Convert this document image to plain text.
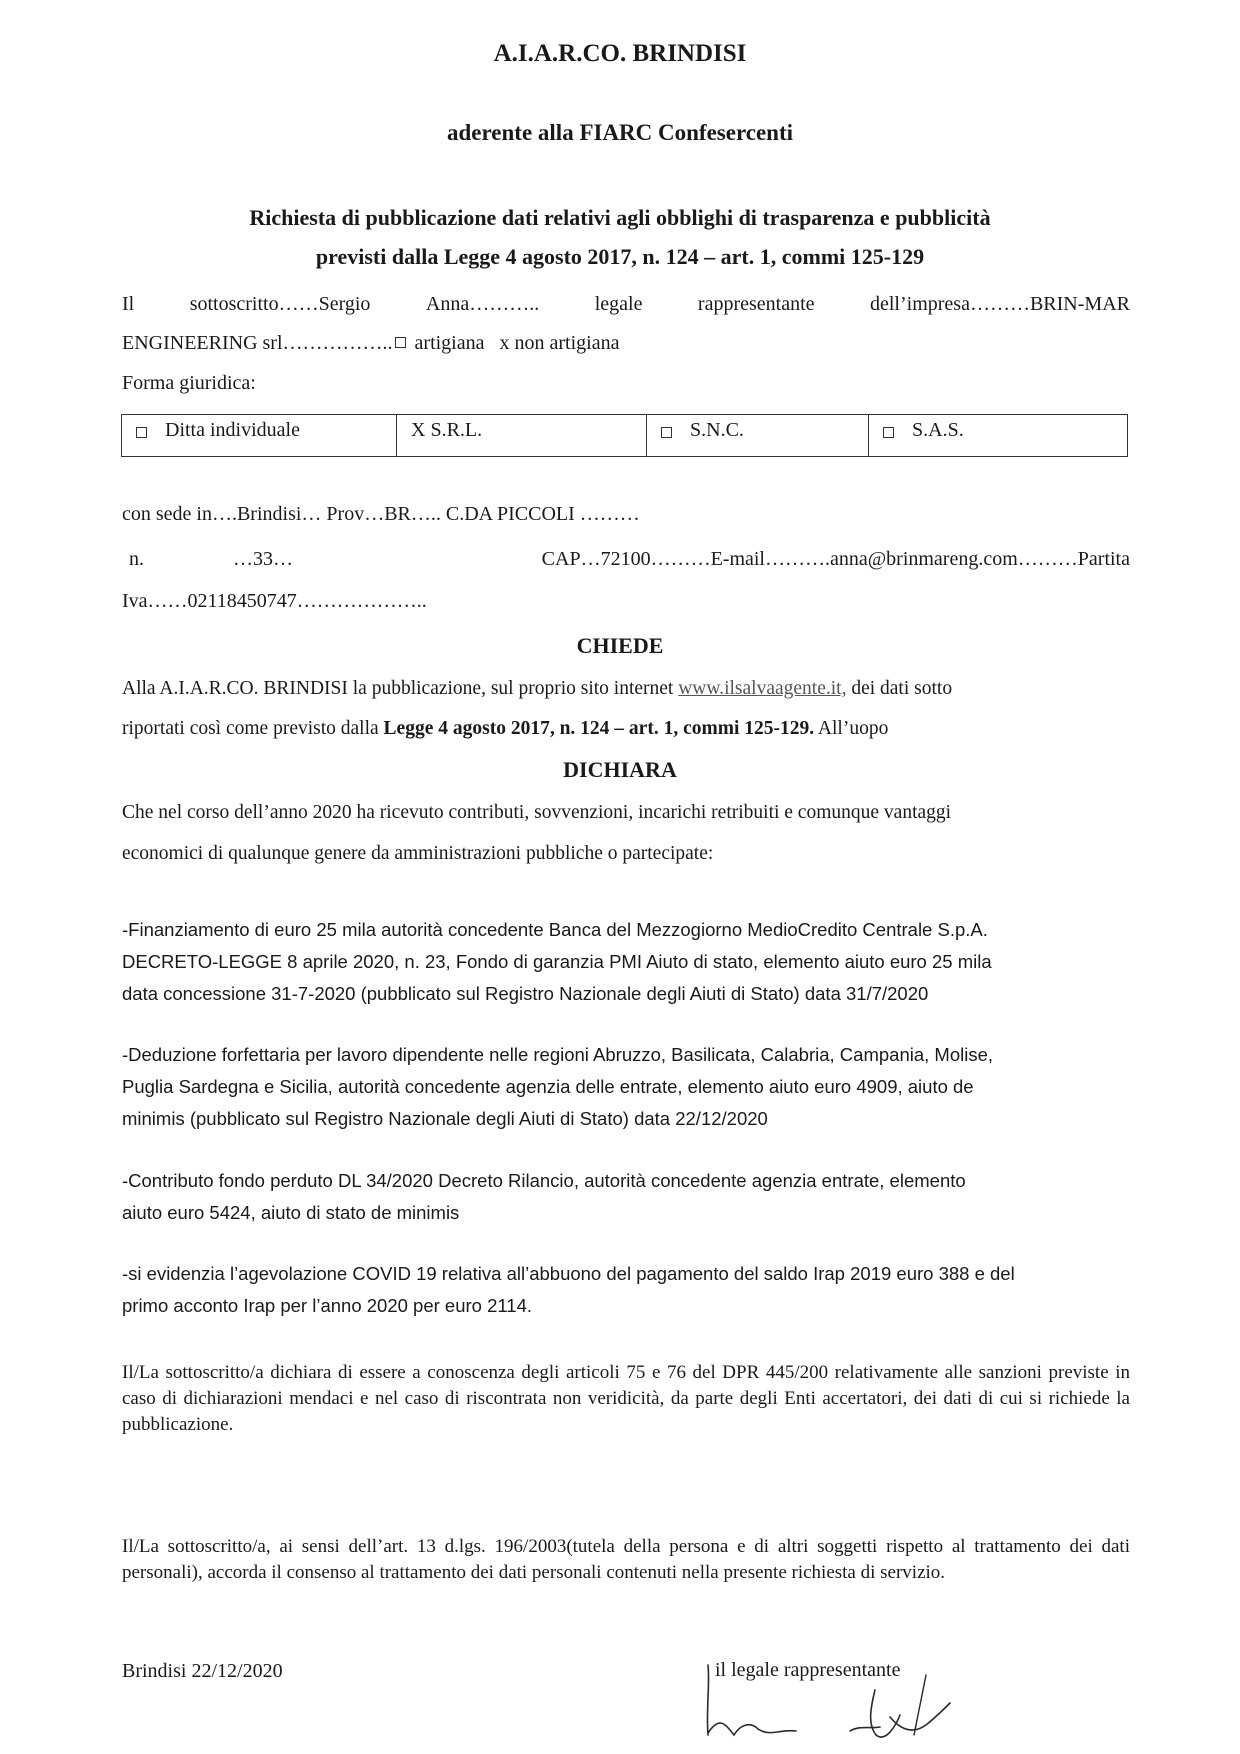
A.I.A.R.CO. BRINDISI
aderente alla FIARC Confesercenti
Richiesta di pubblicazione dati relativi agli obblighi di trasparenza e pubblicità
previsti dalla Legge 4 agosto 2017, n. 124 – art. 1, commi 125-129
Il	sottoscritto……Sergio	Anna………..	legale	rappresentante	dell’impresa………BRIN-MAR
ENGINEERING srl…………….. artigiana x non artigiana
Forma giuridica:
Ditta individuale	X S.R.L.	S.N.C.	S.A.S.
con sede in….Brindisi… Prov…BR….. C.DA PICCOLI ………
n.	…33…	CAP…72100………E-mail……….anna@brinmareng.com………Partita
Iva……02118450747………………..
CHIEDE
Alla A.I.A.R.CO. BRINDISI la pubblicazione, sul proprio sito internet www.ilsalvaagente.it, dei dati sotto
riportati così come previsto dalla Legge 4 agosto 2017, n. 124 – art. 1, commi 125-129. All’uopo
DICHIARA
Che nel corso dell’anno 2020 ha ricevuto contributi, sovvenzioni, incarichi retribuiti e comunque vantaggi
economici di qualunque genere da amministrazioni pubbliche o partecipate:
-Finanziamento di euro 25 mila autorità concedente Banca del Mezzogiorno MedioCredito Centrale S.p.A.
DECRETO-LEGGE 8 aprile 2020, n. 23, Fondo di garanzia PMI Aiuto di stato, elemento aiuto euro 25 mila
data concessione 31-7-2020 (pubblicato sul Registro Nazionale degli Aiuti di Stato) data 31/7/2020
-Deduzione forfettaria per lavoro dipendente nelle regioni Abruzzo, Basilicata, Calabria, Campania, Molise,
Puglia Sardegna e Sicilia, autorità concedente agenzia delle entrate, elemento aiuto euro 4909, aiuto de
minimis (pubblicato sul Registro Nazionale degli Aiuti di Stato) data 22/12/2020
-Contributo fondo perduto DL 34/2020 Decreto Rilancio, autorità concedente agenzia entrate, elemento
aiuto euro 5424, aiuto di stato de minimis
-si evidenzia l’agevolazione COVID 19 relativa all’abbuono del pagamento del saldo Irap 2019 euro 388 e del
primo acconto Irap per l’anno 2020 per euro 2114.
Il/La sottoscritto/a dichiara di essere a conoscenza degli articoli 75 e 76 del DPR 445/200 relativamente alle sanzioni previste in caso di dichiarazioni mendaci e nel caso di riscontrata non veridicità, da parte degli Enti accertatori, dei dati di cui si richiede la pubblicazione.
Il/La sottoscritto/a, ai sensi dell’art. 13 d.lgs. 196/2003(tutela della persona e di altri soggetti rispetto al trattamento dei dati personali), accorda il consenso al trattamento dei dati personali contenuti nella presente richiesta di servizio.
Brindisi 22/12/2020	il legale rappresentante
